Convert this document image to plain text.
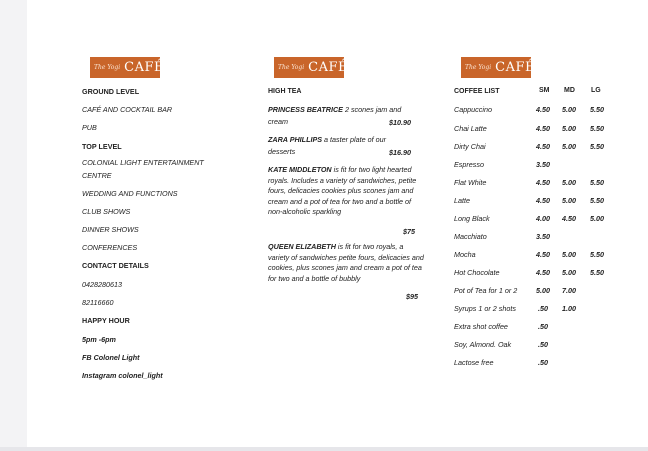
The Yogi CAFÉ	The Yogi CAFÉ	The Yogi CAFÉ
GROUND LEVEL
CAFÉ AND COCKTAIL BAR
PUB
TOP LEVEL
COLONIAL LIGHT ENTERTAINMENT
CENTRE
WEDDING AND FUNCTIONS
CLUB SHOWS
DINNER SHOWS
CONFERENCES
CONTACT DETAILS
0428280613
82116660
HAPPY HOUR
5pm -6pm
FB Colonel Light
Instagram colonel_light
HIGH TEA
PRINCESS BEATRICE 2 scones jam and
cream	$10.90
ZARA PHILLIPS a taster plate of our
desserts	$16.90
KATE MIDDLETON is fit for two light hearted royals. Includes a variety of sandwiches, petite fours, delicacies cookies plus scones jam and cream and a pot of tea for two and a bottle of non-alcoholic sparkling
$75
QUEEN ELIZABETH is fit for two royals, a variety of sandwiches petite fours, delicacies and cookies, plus scones jam and cream a pot of tea for two and a bottle of bubbly
$95
COFFEE LIST	SM MD LG
Cappuccino	4.50 5.00 5.50
Chai Latte	4.50 5.00 5.50
Dirty Chai	4.50 5.00 5.50
Espresso	3.50
Flat White	4.50 5.00 5.50
Latte	4.50 5.00 5.50
Long Black	4.00 4.50 5.00
Macchiato	3.50
Mocha	4.50 5.00 5.50
Hot Chocolate	4.50 5.00 5.50
Pot of Tea for 1 or 2	5.00 7.00
Syrups 1 or 2 shots	.50 1.00
Extra shot coffee	.50
Soy, Almond. Oak	.50
Lactose free	.50
